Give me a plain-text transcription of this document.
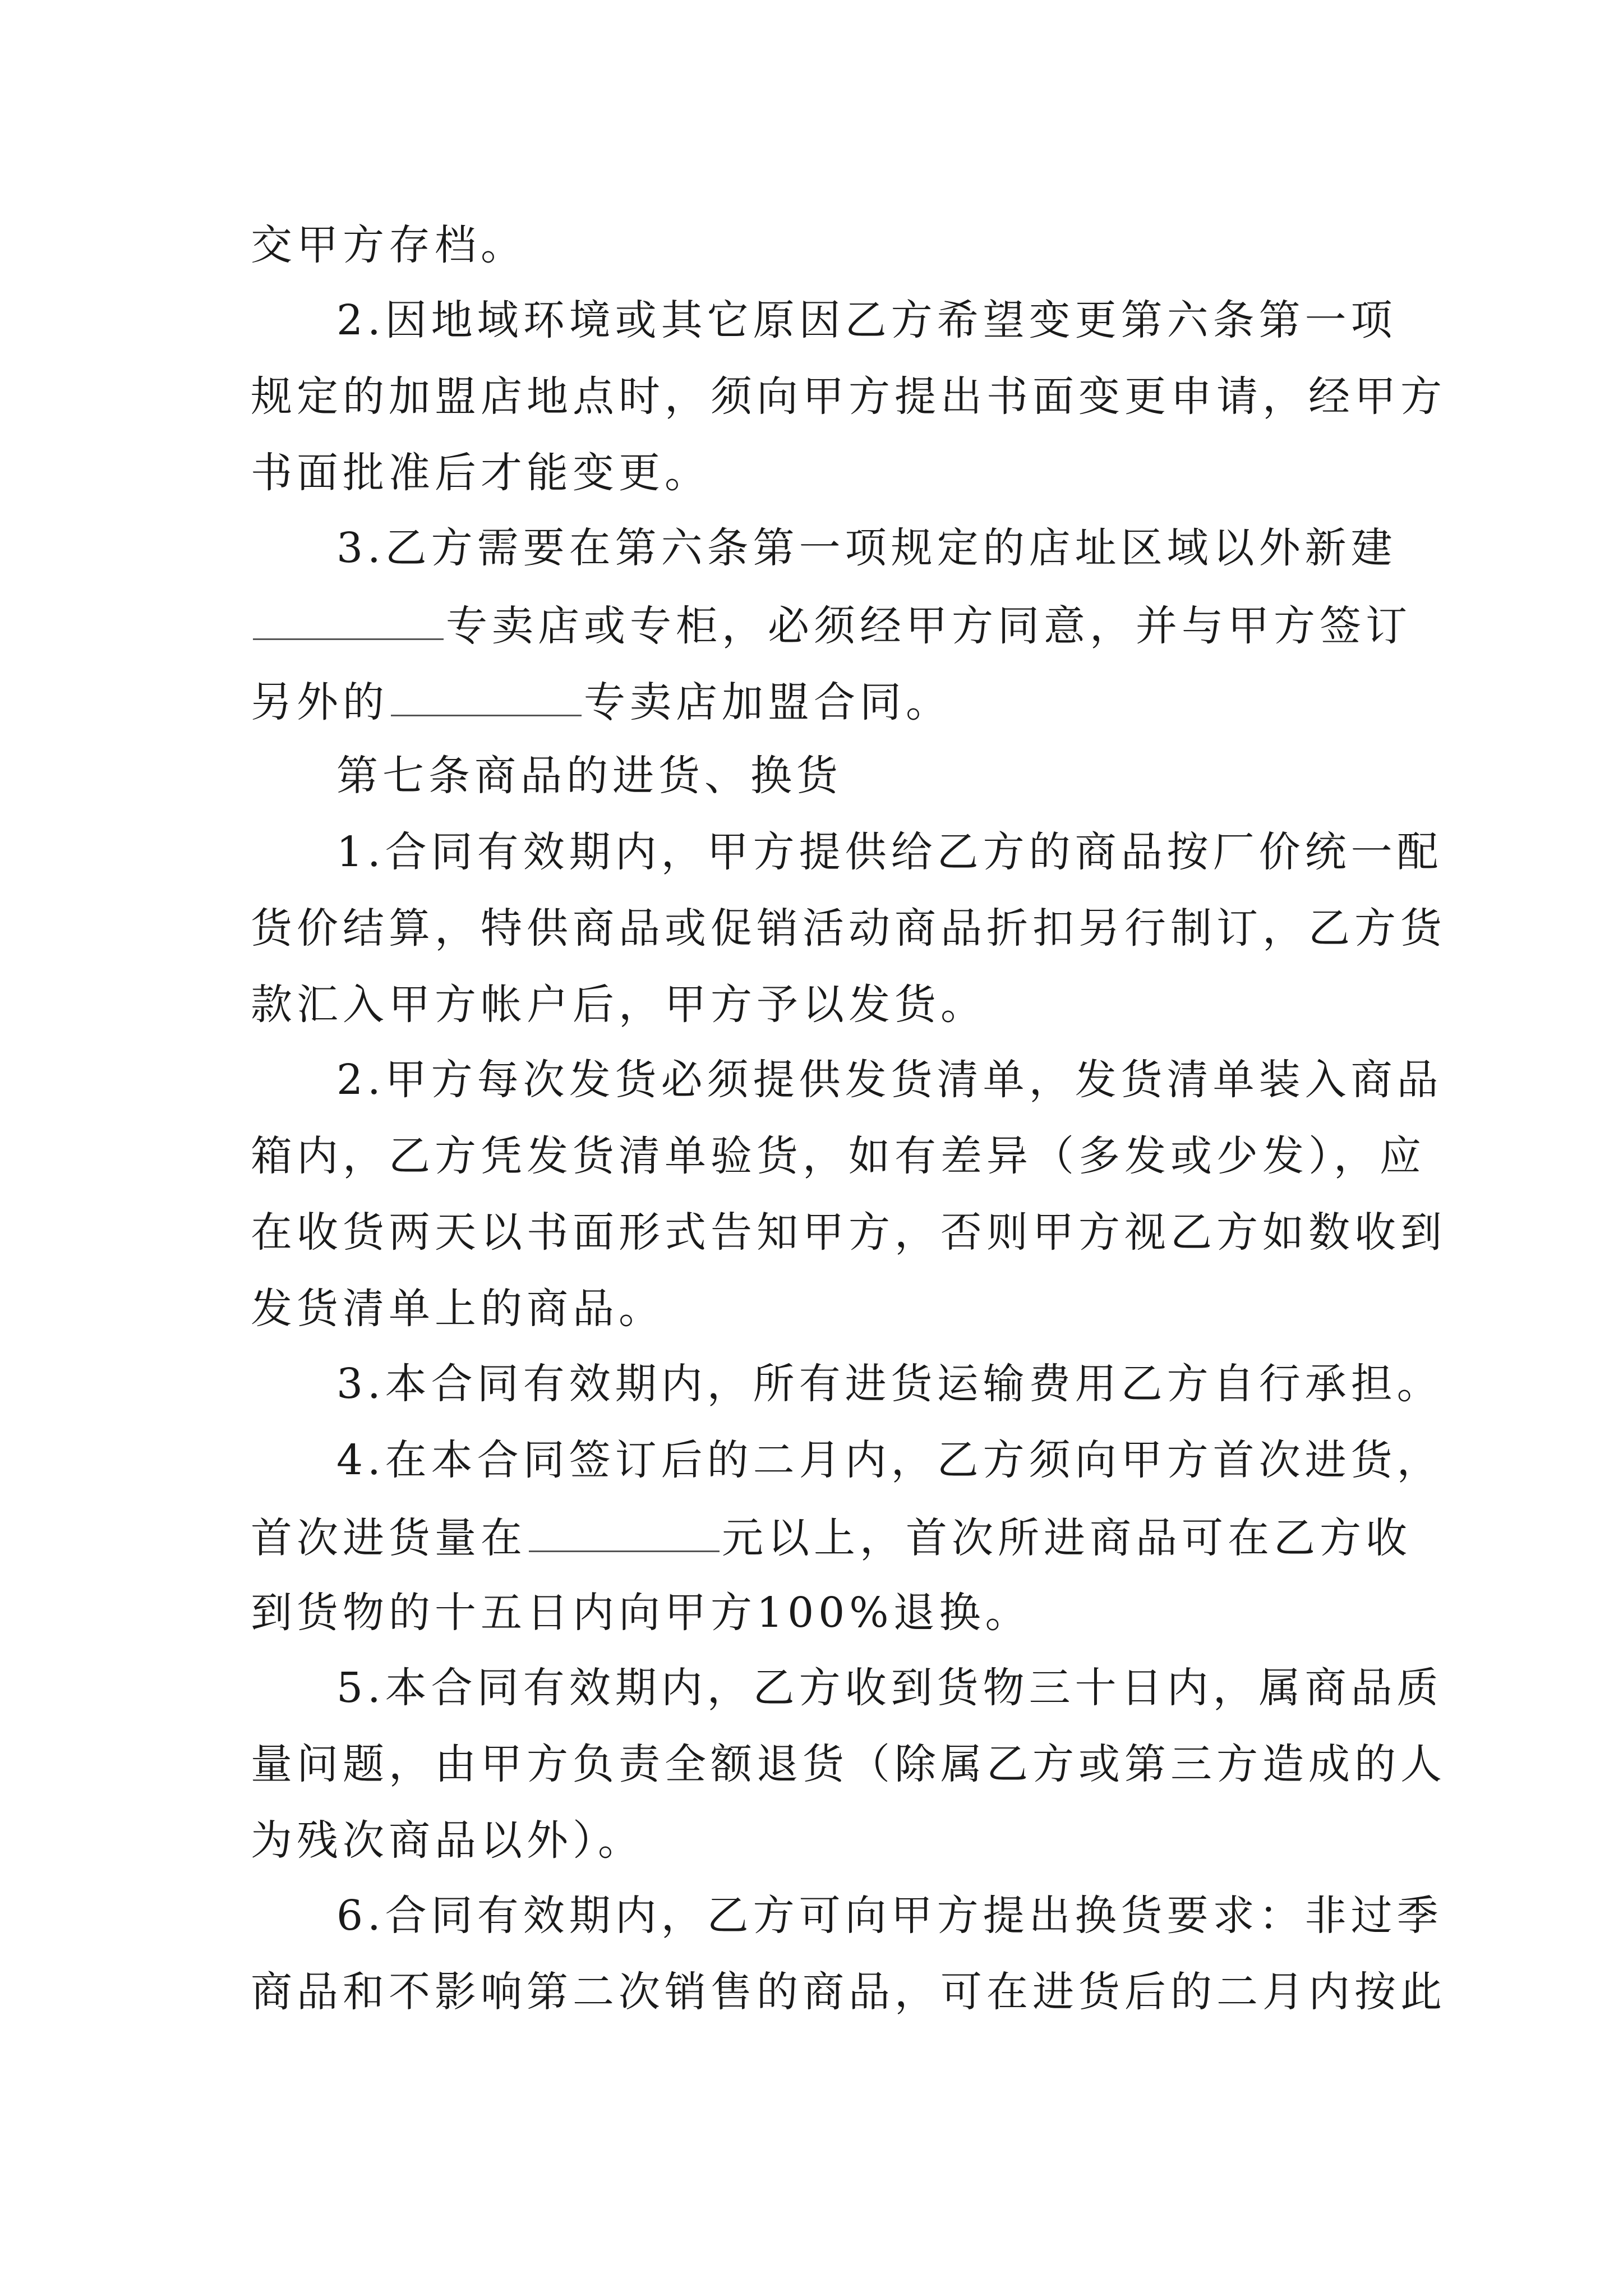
交甲方存档。
2.因地域环境或其它原因乙方希望变更第六条第一项
规定的加盟店地点时，须向甲方提出书面变更申请，经甲方
书面批准后才能变更。
3.乙方需要在第六条第一项规定的店址区域以外新建
专卖店或专柜，必须经甲方同意，并与甲方签订
另外的	专卖店加盟合同。
第七条商品的进货、换货
1.合同有效期内，甲方提供给乙方的商品按厂价统一配
货价结算，特供商品或促销活动商品折扣另行制订，乙方货
款汇入甲方帐户后，甲方予以发货。
2.甲方每次发货必须提供发货清单，发货清单装入商品
箱内，乙方凭发货清单验货，如有差异（多发或少发），应
在收货两天以书面形式告知甲方，否则甲方视乙方如数收到
发货清单上的商品。
3.本合同有效期内，所有进货运输费用乙方自行承担。
4.在本合同签订后的二月内，乙方须向甲方首次进货，
首次进货量在	元以上，首次所进商品可在乙方收
到货物的十五日内向甲方100%退换。
5.本合同有效期内，乙方收到货物三十日内，属商品质
量问题，由甲方负责全额退货（除属乙方或第三方造成的人
为残次商品以外）。
6.合同有效期内，乙方可向甲方提出换货要求：非过季
商品和不影响第二次销售的商品，可在进货后的二月内按此
